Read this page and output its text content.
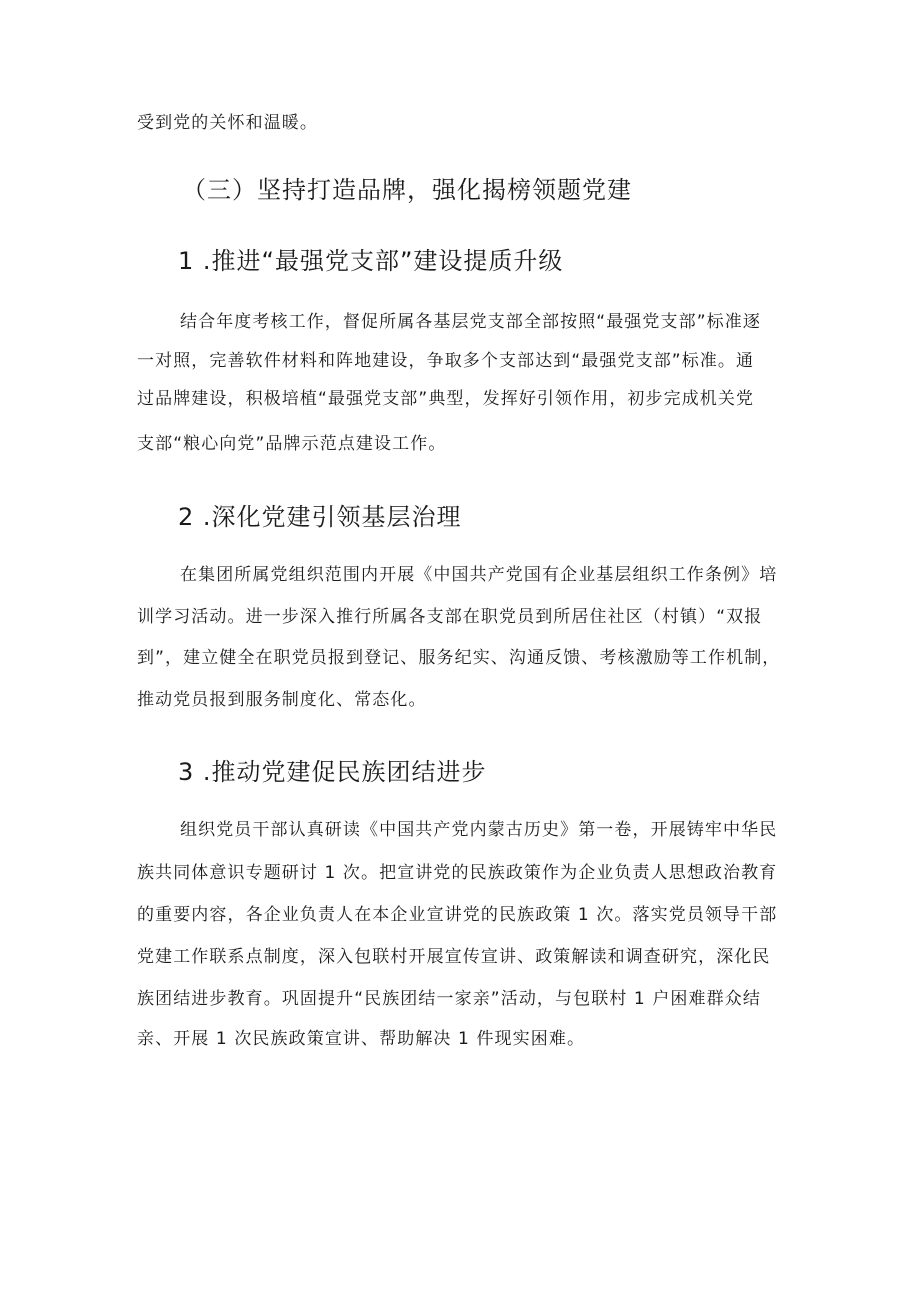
受到党的关怀和温暖。
（三）坚持打造品牌，强化揭榜领题党建
1 .推进“最强党支部”建设提质升级
结合年度考核工作，督促所属各基层党支部全部按照“最强党支部”标准逐
一对照，完善软件材料和阵地建设，争取多个支部达到“最强党支部”标准。通
过品牌建设，积极培植“最强党支部”典型，发挥好引领作用，初步完成机关党
支部“粮心向党”品牌示范点建设工作。
2 .深化党建引领基层治理
在集团所属党组织范围内开展《中国共产党国有企业基层组织工作条例》培
训学习活动。进一步深入推行所属各支部在职党员到所居住社区（村镇）“双报
到”，建立健全在职党员报到登记、服务纪实、沟通反馈、考核激励等工作机制，
推动党员报到服务制度化、常态化。
3 .推动党建促民族团结进步
组织党员干部认真研读《中国共产党内蒙古历史》第一卷，开展铸牢中华民
族共同体意识专题研讨 1 次。把宣讲党的民族政策作为企业负责人思想政治教育
的重要内容，各企业负责人在本企业宣讲党的民族政策 1 次。落实党员领导干部
党建工作联系点制度，深入包联村开展宣传宣讲、政策解读和调查研究，深化民
族团结进步教育。巩固提升“民族团结一家亲”活动，与包联村 1 户困难群众结
亲、开展 1 次民族政策宣讲、帮助解决 1 件现实困难。
